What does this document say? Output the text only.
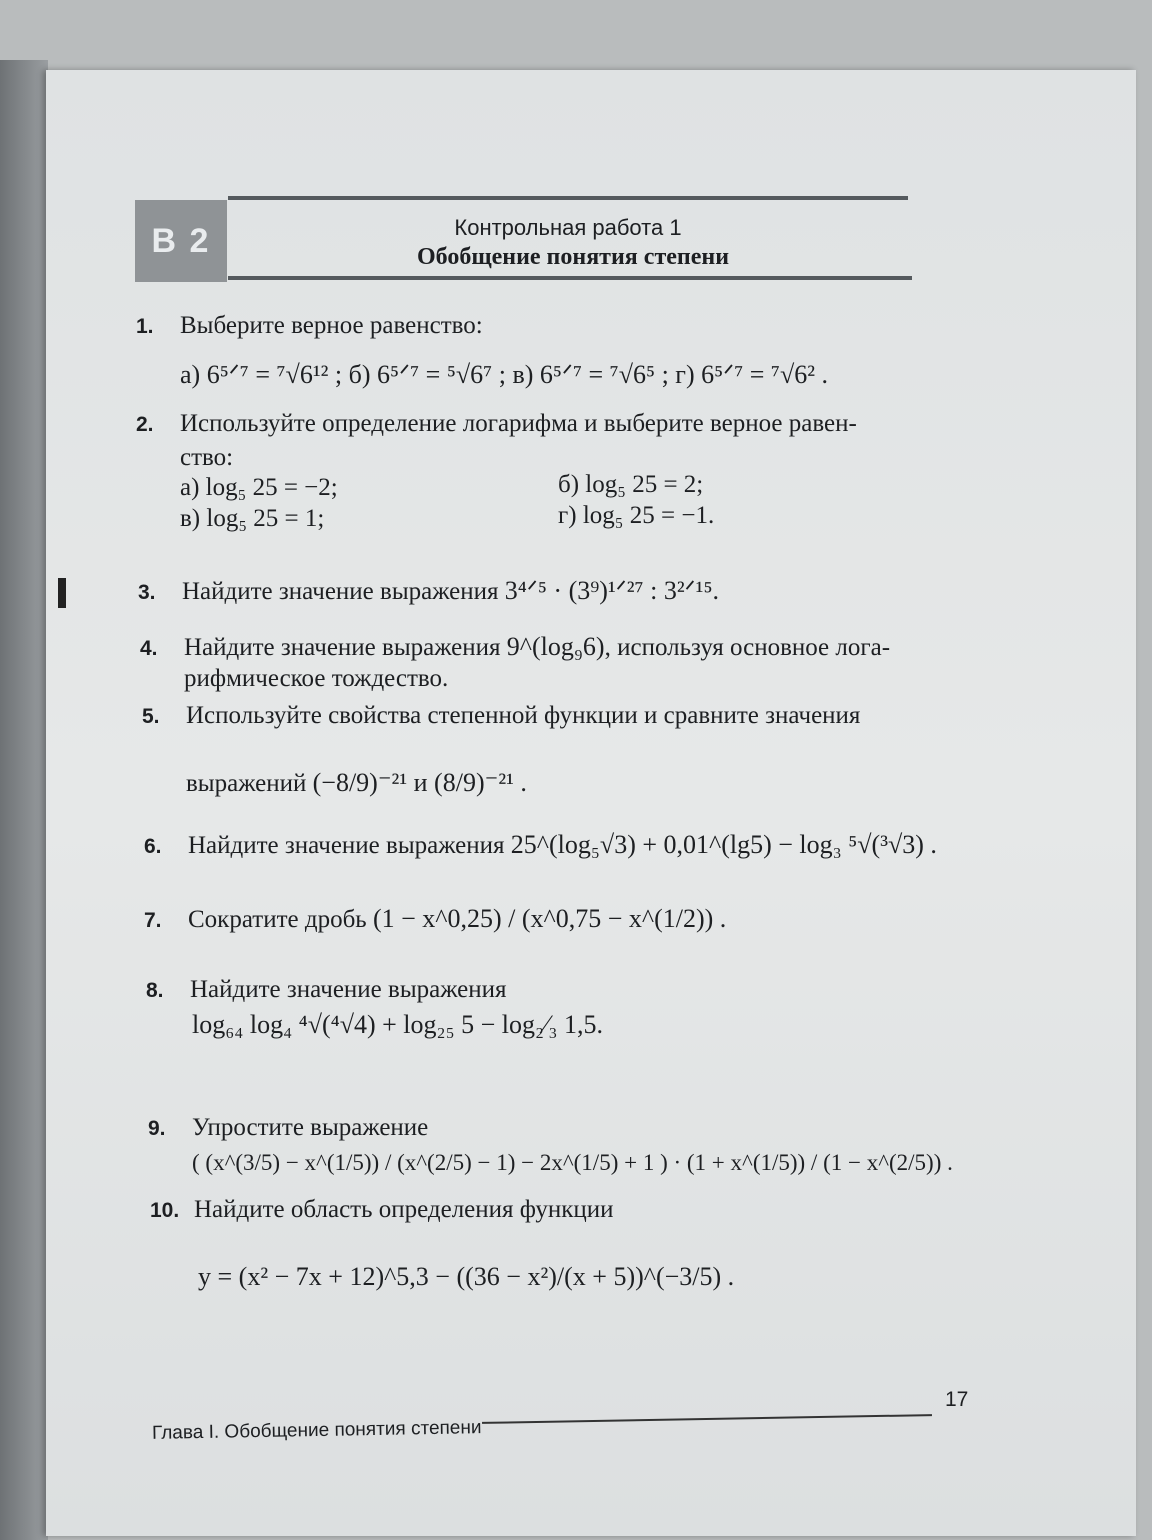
В 2	Контрольная работа 1
Обобщение понятия степени
1. Выберите верное равенство:
а) 6⁵ᐟ⁷ = ⁷√6¹² ; б) 6⁵ᐟ⁷ = ⁵√6⁷ ; в) 6⁵ᐟ⁷ = ⁷√6⁵ ; г) 6⁵ᐟ⁷ = ⁷√6² .
2. Используйте определение логарифма и выберите верное равен-
ство:
а) log₅ 25 = −2;	б) log₅ 25 = 2;
в) log₅ 25 = 1;	г) log₅ 25 = −1.
3. Найдите значение выражения 3⁴ᐟ⁵ · (3⁹)¹ᐟ²⁷ : 3²ᐟ¹⁵.
4. Найдите значение выражения 9^(log₉6), используя основное лога-
рифмическое тождество.
5. Используйте свойства степенной функции и сравните значения
выражений (−8/9)⁻²¹ и (8/9)⁻²¹ .
6. Найдите значение выражения 25^(log₅√3) + 0,01^(lg5) − log₃ ⁵√(³√3) .
7. Сократите дробь (1 − x^0,25) / (x^0,75 − x^(1/2)) .
8. Найдите значение выражения
log₆₄ log₄ ⁴√(⁴√4) + log₂₅ 5 − log₂⁄₃ 1,5.
9. Упростите выражение
( (x^(3/5) − x^(1/5)) / (x^(2/5) − 1) − 2x^(1/5) + 1 ) · (1 + x^(1/5)) / (1 − x^(2/5)) .
10. Найдите область определения функции
y = (x² − 7x + 12)^5,3 − ((36 − x²)/(x + 5))^(−3/5) .
17
Глава I. Обобщение понятия степени
